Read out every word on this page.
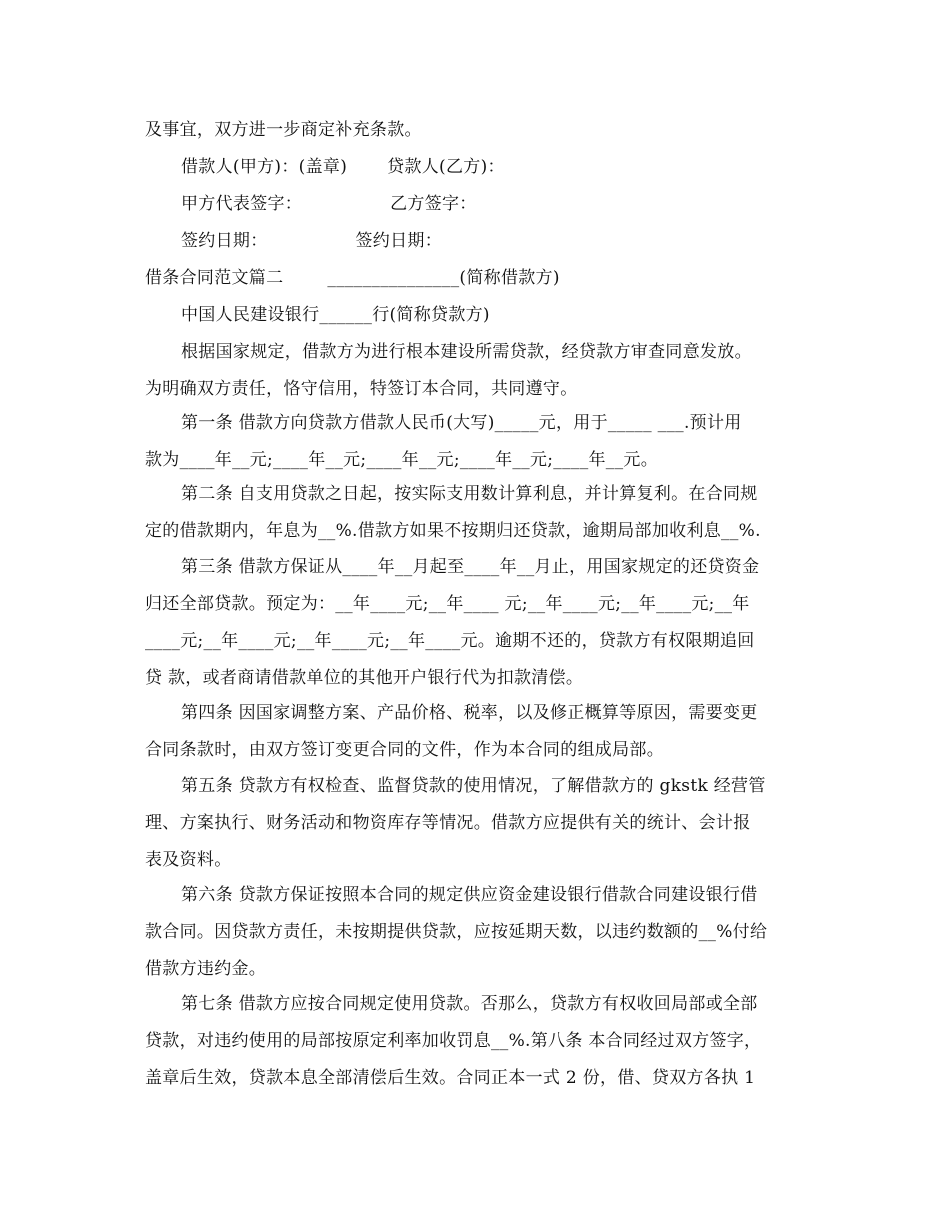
及事宜，双方进一步商定补充条款。
借款人(甲方)：(盖章) 贷款人(乙方)：
甲方代表签字：	乙方签字：
签约日期：	签约日期：
借条合同范文篇二	_______________(简称借款方)
中国人民建设银行______行(简称贷款方)
根据国家规定，借款方为进行根本建设所需贷款，经贷款方审查同意发放。
为明确双方责任，恪守信用，特签订本合同，共同遵守。
第一条 借款方向贷款方借款人民币(大写)_____元，用于_____ ___.预计用
款为____年__元;____年__元;____年__元;____年__元;____年__元。
第二条 自支用贷款之日起，按实际支用数计算利息，并计算复利。在合同规
定的借款期内，年息为__%.借款方如果不按期归还贷款，逾期局部加收利息__%.
第三条 借款方保证从____年__月起至____年__月止，用国家规定的还贷资金
归还全部贷款。预定为：__年____元;__年____ 元;__年____元;__年____元;__年
____元;__年____元;__年____元;__年____元。逾期不还的，贷款方有权限期追回
贷 款，或者商请借款单位的其他开户银行代为扣款清偿。
第四条 因国家调整方案、产品价格、税率，以及修正概算等原因，需要变更
合同条款时，由双方签订变更合同的文件，作为本合同的组成局部。
第五条 贷款方有权检查、监督贷款的使用情况，了解借款方的 gkstk 经营管
理、方案执行、财务活动和物资库存等情况。借款方应提供有关的统计、会计报
表及资料。
第六条 贷款方保证按照本合同的规定供应资金建设银行借款合同建设银行借
款合同。因贷款方责任，未按期提供贷款，应按延期天数，以违约数额的__%付给
借款方违约金。
第七条 借款方应按合同规定使用贷款。否那么，贷款方有权收回局部或全部
贷款，对违约使用的局部按原定利率加收罚息__%.第八条 本合同经过双方签字，
盖章后生效，贷款本息全部清偿后生效。合同正本一式 2 份，借、贷双方各执 1
